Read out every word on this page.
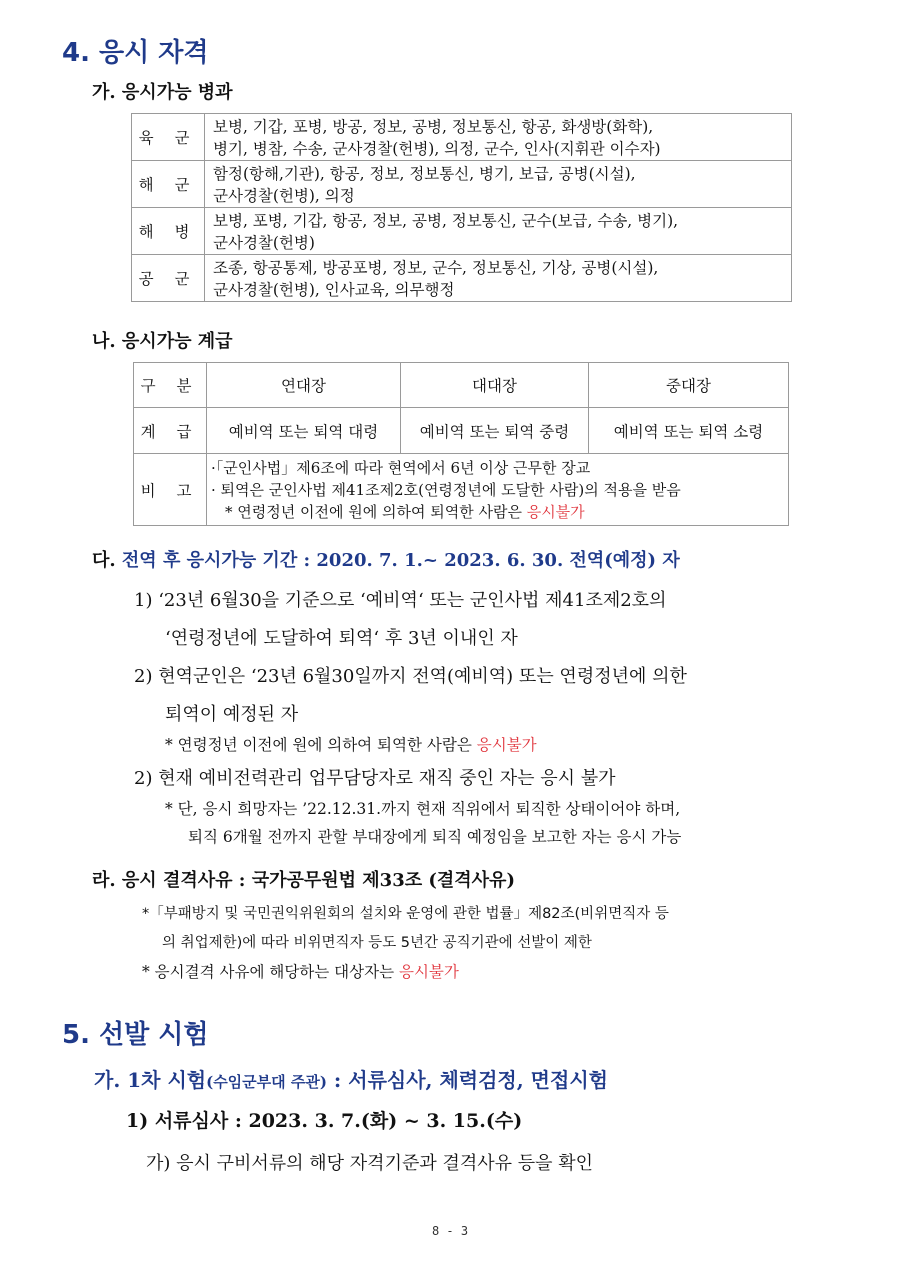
4. 응시 자격
가. 응시가능 병과
육 군	보병, 기갑, 포병, 방공, 정보, 공병, 정보통신, 항공, 화생방(화학),
병기, 병참, 수송, 군사경찰(헌병), 의정, 군수, 인사(지휘관 이수자)

해 군	함정(항해,기관), 항공, 정보, 정보통신, 병기, 보급, 공병(시설),
군사경찰(헌병), 의정

해 병	보병, 포병, 기갑, 항공, 정보, 공병, 정보통신, 군수(보급, 수송, 병기),
군사경찰(헌병)

공 군	조종, 항공통제, 방공포병, 정보, 군수, 정보통신, 기상, 공병(시설),
군사경찰(헌병), 인사교육, 의무행정
나. 응시가능 계급
구 분	연대장	대대장	중대장
계 급	예비역 또는 퇴역 대령	예비역 또는 퇴역 중령	예비역 또는 퇴역 소령
비 고	·「군인사법」제6조에 따라 현역에서 6년 이상 근무한 장교
· 퇴역은 군인사법 제41조제2호(연령정년에 도달한 사람)의 적용을 받음
* 연령정년 이전에 원에 의하여 퇴역한 사람은 응시불가		
다. 전역 후 응시가능 기간 : 2020. 7. 1.~ 2023. 6. 30. 전역(예정) 자
1) ‘23년 6월30을 기준으로 ‘예비역‘ 또는 군인사법 제41조제2호의
‘연령정년에 도달하여 퇴역‘ 후 3년 이내인 자
2) 현역군인은 ‘23년 6월30일까지 전역(예비역) 또는 연령정년에 의한
퇴역이 예정된 자
* 연령정년 이전에 원에 의하여 퇴역한 사람은 응시불가
2) 현재 예비전력관리 업무담당자로 재직 중인 자는 응시 불가
* 단, 응시 희망자는 ’22.12.31.까지 현재 직위에서 퇴직한 상태이어야 하며,
퇴직 6개월 전까지 관할 부대장에게 퇴직 예정임을 보고한 자는 응시 가능
라. 응시 결격사유 : 국가공무원법 제33조 (결격사유)
*「부패방지 및 국민권익위원회의 설치와 운영에 관한 법률」제82조(비위면직자 등
의 취업제한)에 따라 비위면직자 등도 5년간 공직기관에 선발이 제한
* 응시결격 사유에 해당하는 대상자는 응시불가
5. 선발 시험
가. 1차 시험(수임군부대 주관) : 서류심사, 체력검정, 면접시험
1) 서류심사 : 2023. 3. 7.(화) ~ 3. 15.(수)
가) 응시 구비서류의 해당 자격기준과 결격사유 등을 확인
8 - 3
